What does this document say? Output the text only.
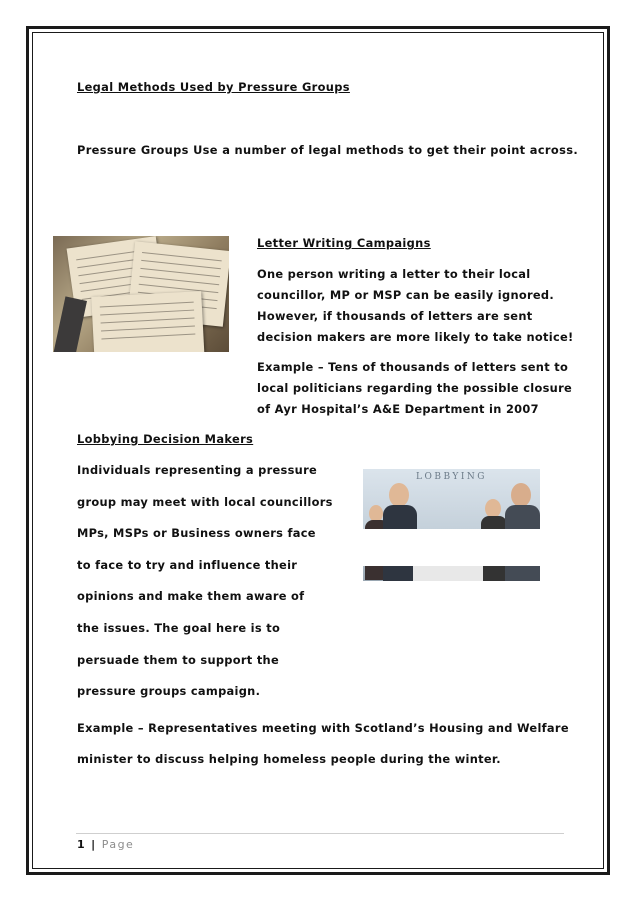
Legal Methods Used by Pressure Groups
Pressure Groups Use a number of legal methods to get their point across.
Letter Writing Campaigns
One person writing a letter to their local
councillor, MP or MSP can be easily ignored.
However, if thousands of letters are sent
decision makers are more likely to take notice!
Example – Tens of thousands of letters sent to
local politicians regarding the possible closure
of Ayr Hospital’s A&E Department in 2007
Lobbying Decision Makers
Individuals representing a pressure
group may meet with local councillors
MPs, MSPs or Business owners face
to face to try and influence their
opinions and make them aware of
the issues. The goal here is to
persuade them to support the
pressure groups campaign.
LOBBYING
Example – Representatives meeting with Scotland’s Housing and Welfare
minister to discuss helping homeless people during the winter.
1 | Page
